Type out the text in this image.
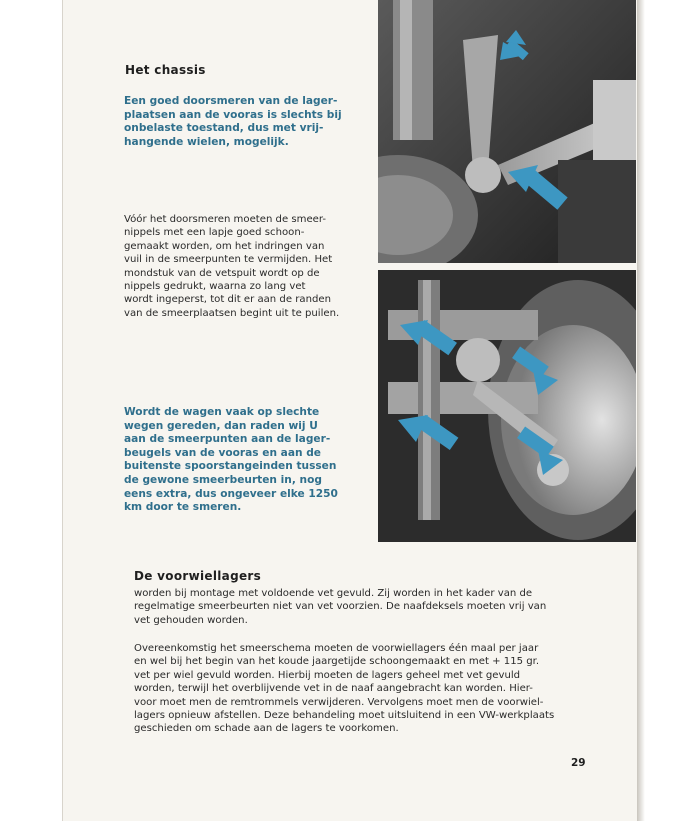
Het chassis
Een goed doorsmeren van de lager-
plaatsen aan de vooras is slechts bij
onbelaste toestand, dus met vrij-
hangende wielen, mogelijk.
Vóór het doorsmeren moeten de smeer-
nippels met een lapje goed schoon-
gemaakt worden, om het indringen van
vuil in de smeerpunten te vermijden. Het
mondstuk van de vetspuit wordt op de
nippels gedrukt, waarna zo lang vet
wordt ingeperst, tot dit er aan de randen
van de smeerplaatsen begint uit te puilen.
Wordt de wagen vaak op slechte
wegen gereden, dan raden wij U
aan de smeerpunten aan de lager-
beugels van de vooras en aan de
buitenste spoorstangeinden tussen
de gewone smeerbeurten in, nog
eens extra, dus ongeveer elke 1250
km door te smeren.
De voorwiellagers
worden bij montage met voldoende vet gevuld. Zij worden in het kader van de
regelmatige smeerbeurten niet van vet voorzien. De naafdeksels moeten vrij van
vet gehouden worden.
Overeenkomstig het smeerschema moeten de voorwiellagers één maal per jaar
en wel bij het begin van het koude jaargetijde schoongemaakt en met + 115 gr.
vet per wiel gevuld worden. Hierbij moeten de lagers geheel met vet gevuld
worden, terwijl het overblijvende vet in de naaf aangebracht kan worden. Hier-
voor moet men de remtrommels verwijderen. Vervolgens moet men de voorwiel-
lagers opnieuw afstellen. Deze behandeling moet uitsluitend in een VW-werkplaats
geschieden om schade aan de lagers te voorkomen.
29
